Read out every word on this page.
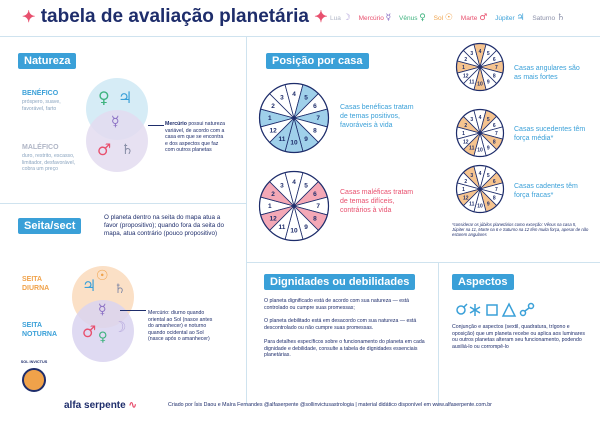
✦ tabela de avaliação planetária ✦ Lua ☽ Mercúrio ☿ Vênus ♀ Sol ☉ Marte ♂ Júpiter ♃ Saturno ♄
Natureza
♀ ♃
☿
♂ ♄
BENÉFICO
próspero, suave, favorável, farto
MALÉFICO
duro, restrito, escasso, limitador, desfavorável, cobra um preço
Mercúrio possui natureza variável, de acordo com a casa em que se encontra e dos aspectos que faz com outros planetas
Seita/sect
O planeta dentro na seita do mapa atua a favor (propositivo); quando fora da seita do mapa, atua contrário (pouco propositivo)
♃ ☉
♄
☿
♂ ♀
☽
SEITA DIURNA
SEITA NOTURNA
Mercúrio: diurno quando oriental ao Sol (nasce antes do amanhecer) e noturno quando ocidental ao Sol (nasce após o amanhecer)
Posição por casa
1
2
3 4 5
6
7
8
9
10
11
12
1
2
3 4 5
6
7
8
9
10
11
12
1
2
3 4 5
6
7
8
9
10
11
12
1
2
3 4 5
6
7
8
9
10
11
12
1
2
3 4 5
6
7
8
9
10
11
12
Casas benéficas tratam de temas positivos, favoráveis à vida
Casas maléficas tratam de temas difíceis, contrários à vida
Casas angulares são as mais fortes
Casas sucedentes têm força média*
Casas cadentes têm força fracas*
*considerar os júbilos planetários como exceção: Vênus na casa 5, Júpiter na 11, Marte na 6 e Saturno na 12 têm muita força, apesar de não estarem angulares
Dignidades ou debilidades
O planeta dignificado está de acordo com sua natureza — está controlado ou cumpre suas promessas;
O planeta debilitado está em desacordo com sua natureza — está descontrolado ou não cumpre suas promessas.
Para detalhes específicos sobre o funcionamento do planeta em cada dignidade e debilidade, consulte a tabela de dignidades essenciais planetárias.
Aspectos
Conjunção e aspectos (sextil, quadratura, trígono e oposição) que um planeta recebe ou aplica aos luminares ou outros planetas alteram seu funcionamento, podendo auxiliá-lo ou corrompê-lo
SOL INVICTUS
alfa serpente ∿	Criado por Ísis Daou e Maíra Fernandes @alfaserpente @sollinvictusastrologia | material didático disponível em www.alfaserpente.com.br
